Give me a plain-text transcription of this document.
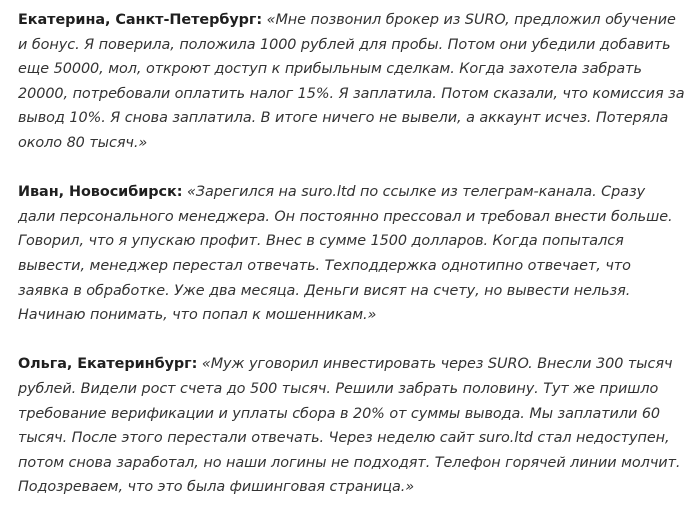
Екатерина, Санкт-Петербург: «Мне позвонил брокер из SURO, предложил обучение и бонус. Я поверила, положила 1000 рублей для пробы. Потом они убедили добавить еще 50000, мол, откроют доступ к прибыльным сделкам. Когда захотела забрать 20000, потребовали оплатить налог 15%. Я заплатила. Потом сказали, что комиссия за вывод 10%. Я снова заплатила. В итоге ничего не вывели, а аккаунт исчез. Потеряла около 80 тысяч.»

Иван, Новосибирск: «Зарегился на suro.ltd по ссылке из телеграм-канала. Сразу дали персонального менеджера. Он постоянно прессовал и требовал внести больше. Говорил, что я упускаю профит. Внес в сумме 1500 долларов. Когда попытался вывести, менеджер перестал отвечать. Техподдержка однотипно отвечает, что заявка в обработке. Уже два месяца. Деньги висят на счету, но вывести нельзя. Начинаю понимать, что попал к мошенникам.»

Ольга, Екатеринбург: «Муж уговорил инвестировать через SURO. Внесли 300 тысяч рублей. Видели рост счета до 500 тысяч. Решили забрать половину. Тут же пришло требование верификации и уплаты сбора в 20% от суммы вывода. Мы заплатили 60 тысяч. После этого перестали отвечать. Через неделю сайт suro.ltd стал недоступен, потом снова заработал, но наши логины не подходят. Телефон горячей линии молчит. Подозреваем, что это была фишинговая страница.»
